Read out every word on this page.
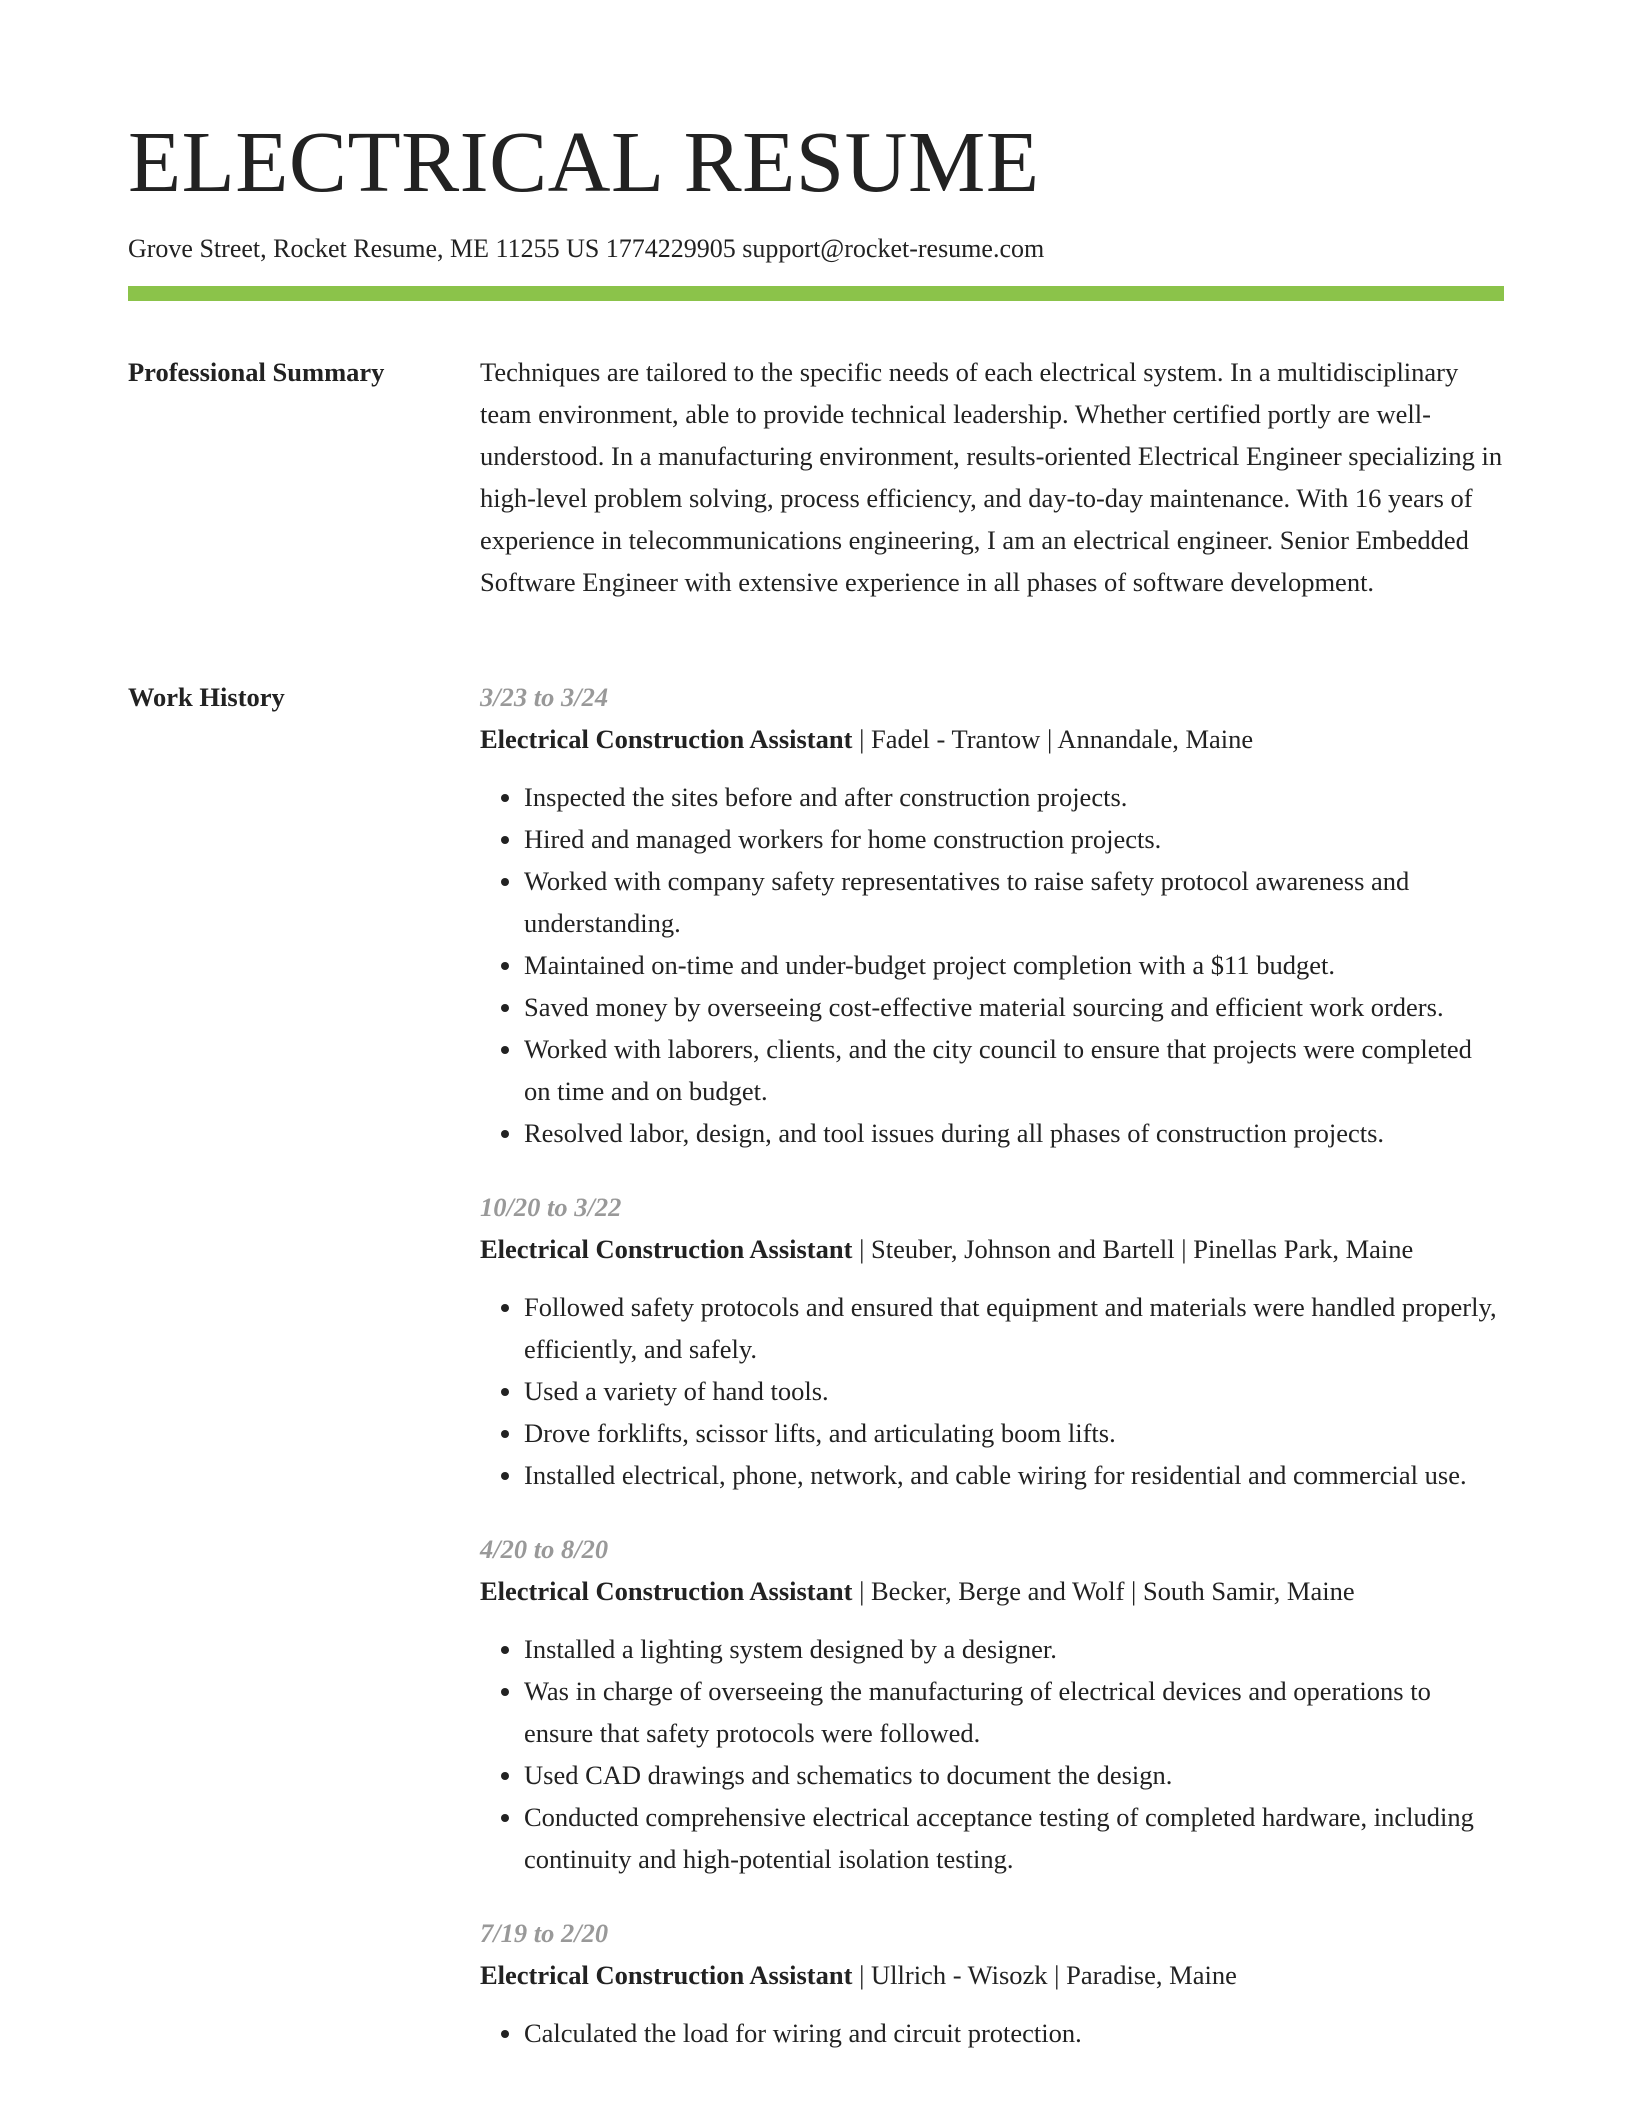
ELECTRICAL RESUME
Grove Street, Rocket Resume, ME 11255 US 1774229905 support@rocket-resume.com
Professional Summary	Techniques are tailored to the specific needs of each electrical system. In a multidisciplinary team environment, able to provide technical leadership. Whether certified portly are well-understood. In a manufacturing environment, results-oriented Electrical Engineer specializing in high-level problem solving, process efficiency, and day-to-day maintenance. With 16 years of experience in telecommunications engineering, I am an electrical engineer. Senior Embedded Software Engineer with extensive experience in all phases of software development.

Work History	3/23 to 3/24
Electrical Construction Assistant | Fadel - Trantow | Annandale, Maine
• Inspected the sites before and after construction projects.
• Hired and managed workers for home construction projects.
• Worked with company safety representatives to raise safety protocol awareness and understanding.
• Maintained on-time and under-budget project completion with a $11 budget.
• Saved money by overseeing cost-effective material sourcing and efficient work orders.
• Worked with laborers, clients, and the city council to ensure that projects were completed on time and on budget.
• Resolved labor, design, and tool issues during all phases of construction projects.
10/20 to 3/22
Electrical Construction Assistant | Steuber, Johnson and Bartell | Pinellas Park, Maine
• Followed safety protocols and ensured that equipment and materials were handled properly, efficiently, and safely.
• Used a variety of hand tools.
• Drove forklifts, scissor lifts, and articulating boom lifts.
• Installed electrical, phone, network, and cable wiring for residential and commercial use.
4/20 to 8/20
Electrical Construction Assistant | Becker, Berge and Wolf | South Samir, Maine
• Installed a lighting system designed by a designer.
• Was in charge of overseeing the manufacturing of electrical devices and operations to ensure that safety protocols were followed.
• Used CAD drawings and schematics to document the design.
• Conducted comprehensive electrical acceptance testing of completed hardware, including continuity and high-potential isolation testing.
7/19 to 2/20
Electrical Construction Assistant | Ullrich - Wisozk | Paradise, Maine
• Calculated the load for wiring and circuit protection.
